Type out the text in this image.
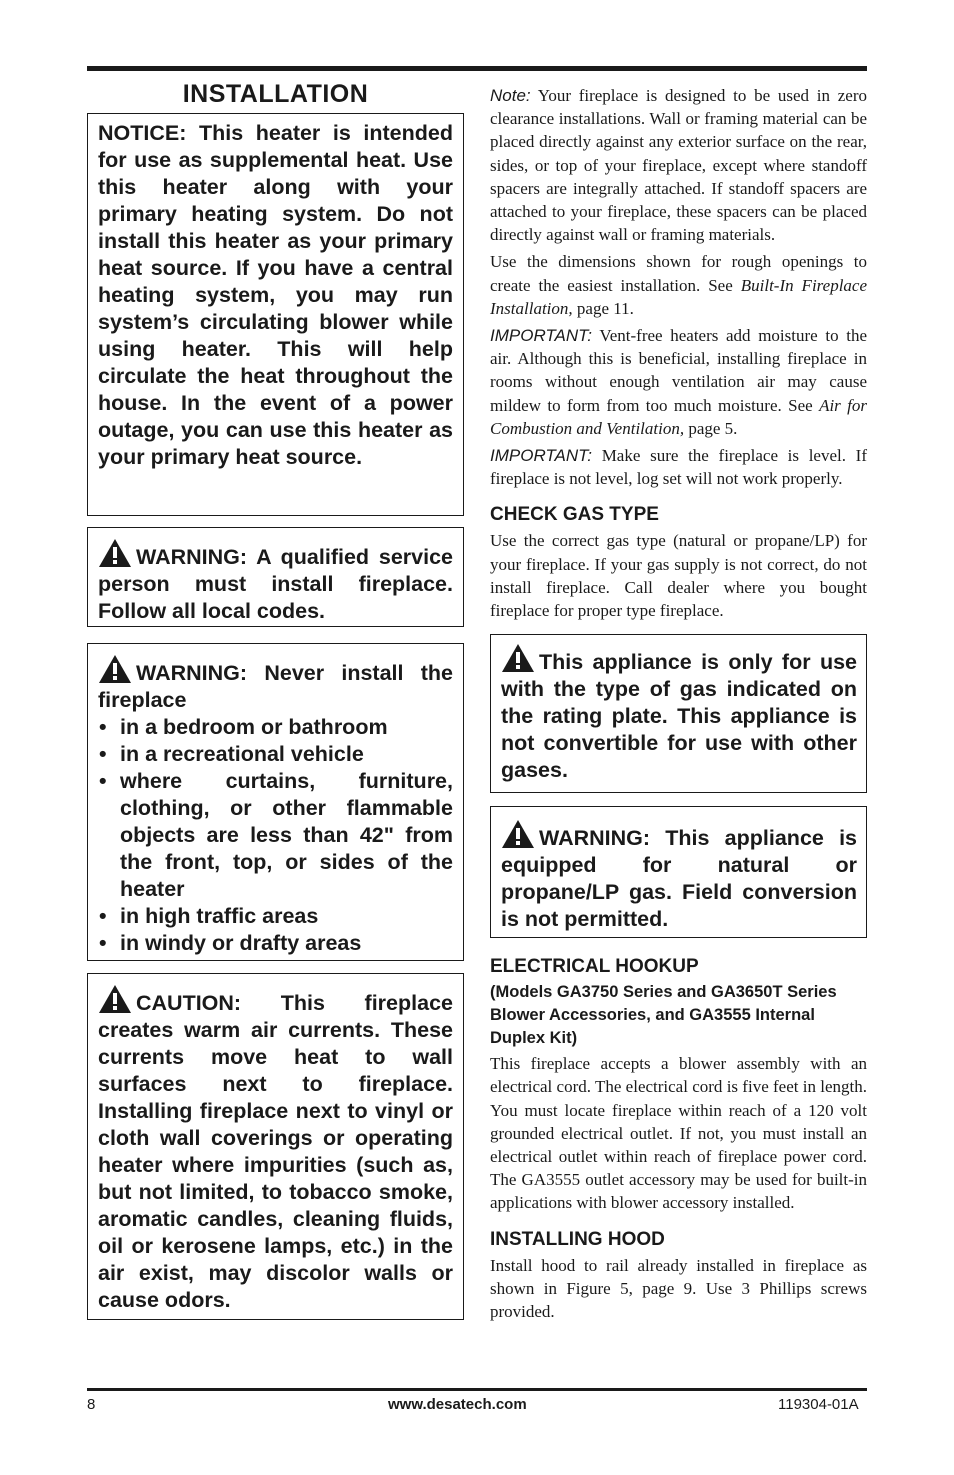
INSTALLATION

NOTICE: This heater is intended for use as supplemental heat. Use this heater along with your primary heating system. Do not install this heater as your primary heat source. If you have a central heating system, you may run system’s circulating blower while using heater. This will help circulate the heat throughout the house. In the event of a power outage, you can use this heater as your primary heat source.

WARNING: A qualified service person must install fireplace. Follow all local codes.

WARNING: Never install the fireplace

• in a bedroom or bathroom
• in a recreational vehicle
• where curtains, furniture, clothing, or other flammable objects are less than 42" from the front, top, or sides of the heater
• in high traffic areas
• in windy or drafty areas

CAUTION: This fireplace creates warm air currents. These currents move heat to wall surfaces next to fireplace. Installing fireplace next to vinyl or cloth wall coverings or operating heater where impurities (such as, but not limited, to tobacco smoke, aromatic candles, cleaning fluids, oil or kerosene lamps, etc.) in the air exist, may discolor walls or cause odors.

Note: Your fireplace is designed to be used in zero clearance installations. Wall or framing material can be placed directly against any exterior surface on the rear, sides, or top of your fireplace, except where standoff spacers are integrally attached. If standoff spacers are attached to your fireplace, these spacers can be placed directly against wall or framing materials.

Use the dimensions shown for rough openings to create the easiest installation. See Built-In Fireplace Installation, page 11.

IMPORTANT: Vent-free heaters add moisture to the air. Although this is beneficial, installing fireplace in rooms without enough ventilation air may cause mildew to form from too much moisture. See Air for Combustion and Ventilation, page 5.

IMPORTANT: Make sure the fireplace is level. If fireplace is not level, log set will not work properly.

CHECK GAS TYPE

Use the correct gas type (natural or propane/LP) for your fireplace. If your gas supply is not correct, do not install fireplace. Call dealer where you bought fireplace for proper type fireplace.

This appliance is only for use with the type of gas indicated on the rating plate. This appliance is not convertible for use with other gases.

WARNING: This appliance is equipped for natural or propane/LP gas. Field conversion is not permitted.

ELECTRICAL HOOKUP
(Models GA3750 Series and GA3650T Series Blower Accessories, and GA3555 Internal Duplex Kit)

This fireplace accepts a blower assembly with an electrical cord. The electrical cord is five feet in length. You must locate fireplace within reach of a 120 volt grounded electrical outlet. If not, you must install an electrical outlet within reach of fireplace power cord. The GA3555 outlet accessory may be used for built-in applications with blower accessory installed.

INSTALLING HOOD

Install hood to rail already installed in fireplace as shown in Figure 5, page 9. Use 3 Phillips screws provided.

8	www.desatech.com	119304-01A
